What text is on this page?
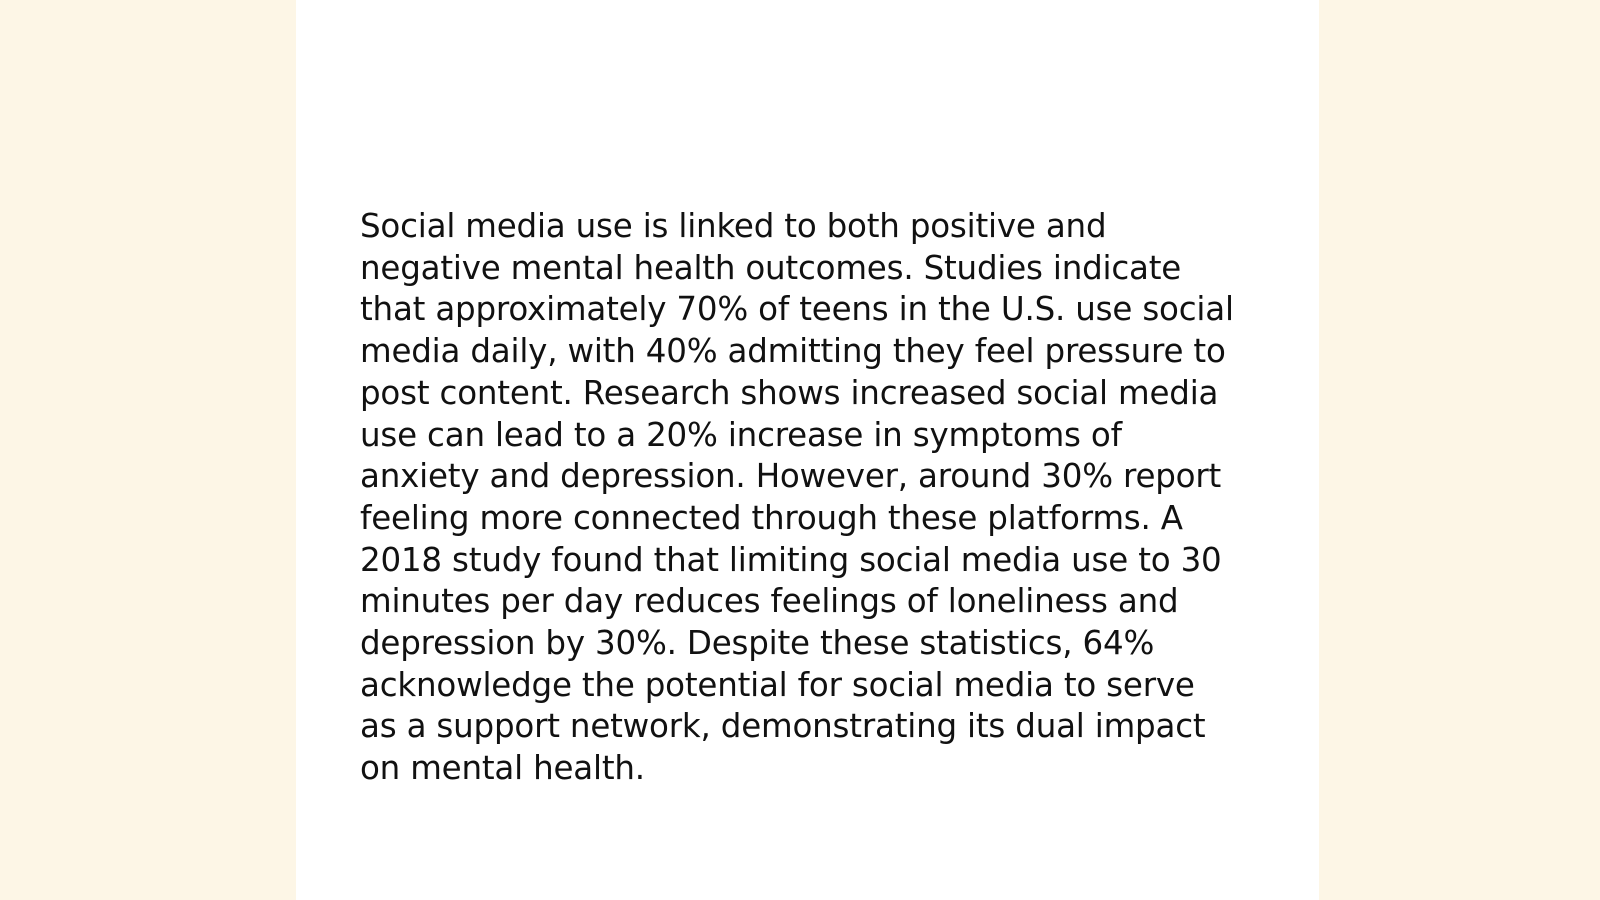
Social media use is linked to both positive and
negative mental health outcomes. Studies indicate
that approximately 70% of teens in the U.S. use social
media daily, with 40% admitting they feel pressure to
post content. Research shows increased social media
use can lead to a 20% increase in symptoms of
anxiety and depression. However, around 30% report
feeling more connected through these platforms. A
2018 study found that limiting social media use to 30
minutes per day reduces feelings of loneliness and
depression by 30%. Despite these statistics, 64%
acknowledge the potential for social media to serve
as a support network, demonstrating its dual impact
on mental health.
